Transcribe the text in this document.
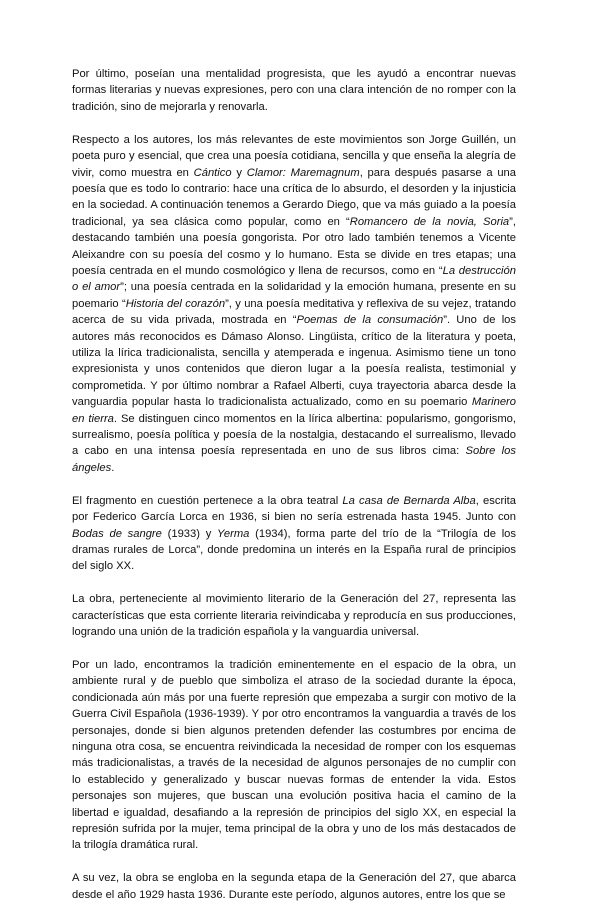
Por último, poseían una mentalidad progresista, que les ayudó a encontrar nuevas formas literarias y nuevas expresiones, pero con una clara intención de no romper con la tradición, sino de mejorarla y renovarla.

Respecto a los autores, los más relevantes de este movimientos son Jorge Guillén, un poeta puro y esencial, que crea una poesía cotidiana, sencilla y que enseña la alegría de vivir, como muestra en Cántico y Clamor: Maremagnum, para después pasarse a una poesía que es todo lo contrario: hace una crítica de lo absurdo, el desorden y la injusticia en la sociedad. A continuación tenemos a Gerardo Diego, que va más guiado a la poesía tradicional, ya sea clásica como popular, como en “Romancero de la novia, Soria”, destacando también una poesía gongorista. Por otro lado también tenemos a Vicente Aleixandre con su poesía del cosmo y lo humano. Esta se divide en tres etapas; una poesía centrada en el mundo cosmológico y llena de recursos, como en “La destrucción o el amor”; una poesía centrada en la solidaridad y la emoción humana, presente en su poemario “Historia del corazón”, y una poesía meditativa y reflexiva de su vejez, tratando acerca de su vida privada, mostrada en “Poemas de la consumación”. Uno de los autores más reconocidos es Dámaso Alonso. Lingüista, crítico de la literatura y poeta, utiliza la lírica tradicionalista, sencilla y atemperada e ingenua. Asimismo tiene un tono expresionista y unos contenidos que dieron lugar a la poesía realista, testimonial y comprometida. Y por último nombrar a Rafael Alberti, cuya trayectoria abarca desde la vanguardia popular hasta lo tradicionalista actualizado, como en su poemario Marinero en tierra. Se distinguen cinco momentos en la lírica albertina: popularismo, gongorismo, surrealismo, poesía política y poesía de la nostalgia, destacando el surrealismo, llevado a cabo en una intensa poesía representada en uno de sus libros cima: Sobre los ángeles.

El fragmento en cuestión pertenece a la obra teatral La casa de Bernarda Alba, escrita por Federico García Lorca en 1936, si bien no sería estrenada hasta 1945. Junto con Bodas de sangre (1933) y Yerma (1934), forma parte del trío de la “Trilogía de los dramas rurales de Lorca”, donde predomina un interés en la España rural de principios del siglo XX.

La obra, perteneciente al movimiento literario de la Generación del 27, representa las características que esta corriente literaria reivindicaba y reproducía en sus producciones, logrando una unión de la tradición española y la vanguardia universal.

Por un lado, encontramos la tradición eminentemente en el espacio de la obra, un ambiente rural y de pueblo que simboliza el atraso de la sociedad durante la época, condicionada aún más por una fuerte represión que empezaba a surgir con motivo de la Guerra Civil Española (1936-1939). Y por otro encontramos la vanguardia a través de los personajes, donde si bien algunos pretenden defender las costumbres por encima de ninguna otra cosa, se encuentra reivindicada la necesidad de romper con los esquemas más tradicionalistas, a través de la necesidad de algunos personajes de no cumplir con lo establecido y generalizado y buscar nuevas formas de entender la vida. Estos personajes son mujeres, que buscan una evolución positiva hacia el camino de la libertad e igualdad, desafiando a la represión de principios del siglo XX, en especial la represión sufrida por la mujer, tema principal de la obra y uno de los más destacados de la trilogía dramática rural.

A su vez, la obra se engloba en la segunda etapa de la Generación del 27, que abarca desde el año 1929 hasta 1936. Durante este período, algunos autores, entre los que se
